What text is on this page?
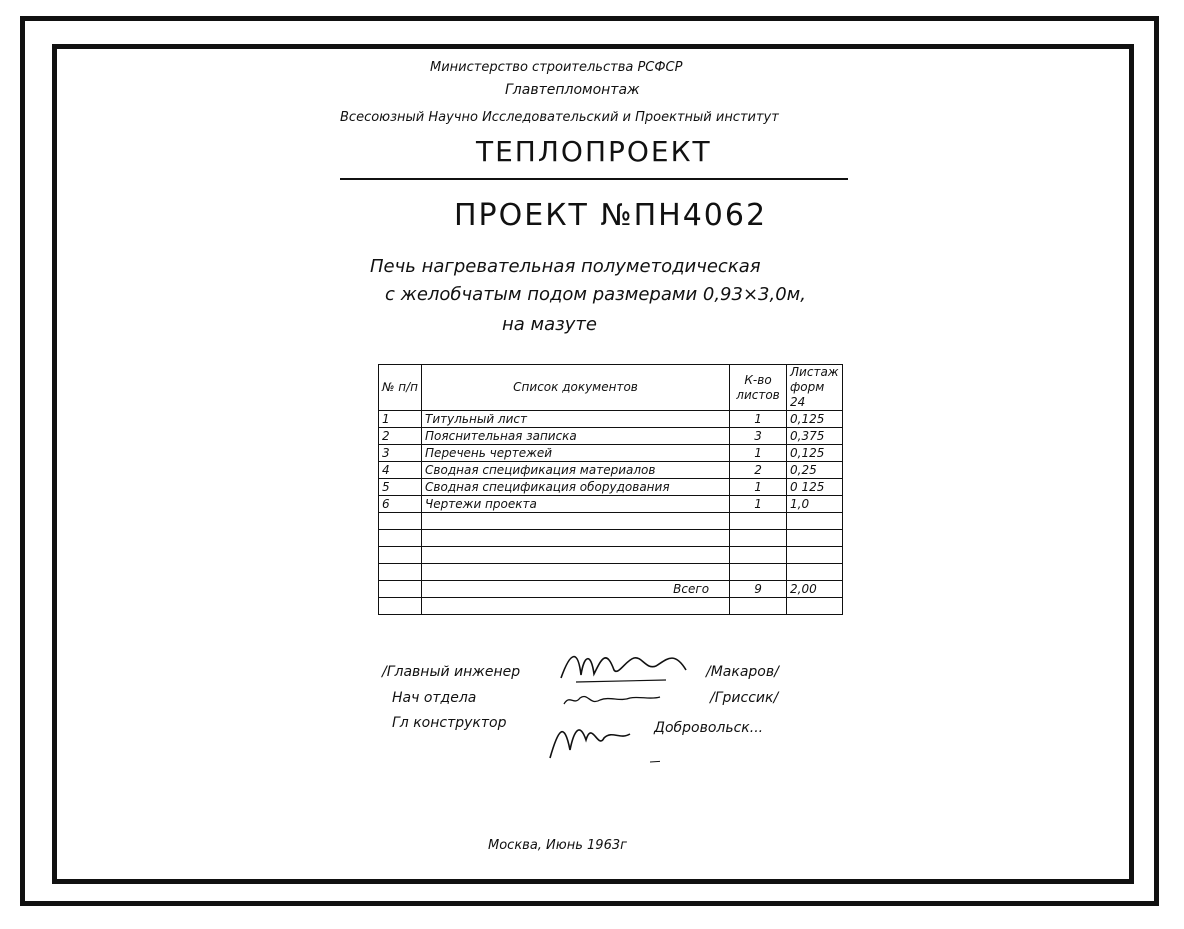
Министерство строительства РСФСР
Главтепломонтаж
Всесоюзный Научно Исследовательский и Проектный институт
ТЕПЛОПРОЕКТ
ПРОЕКТ №ПН4062
Печь нагревательная полуметодическая
с желобчатым подом размерами 0,93×3,0м,
на мазуте
№ п/п	Список документов	К-во листов	Листаж форм 24
1	Титульный лист	1	0,125
2	Пояснительная записка	3	0,375
3	Перечень чертежей	1	0,125
4	Сводная спецификация материалов	2	0,25
5	Сводная спецификация оборудования	1	0 125
6	Чертежи проекта	1	1,0

	Всего	9	2,00

/Главный инженер	/Макаров/
Нач отдела	/Гриссик/
Гл конструктор	Добровольск...
Москва, Июнь 1963г
